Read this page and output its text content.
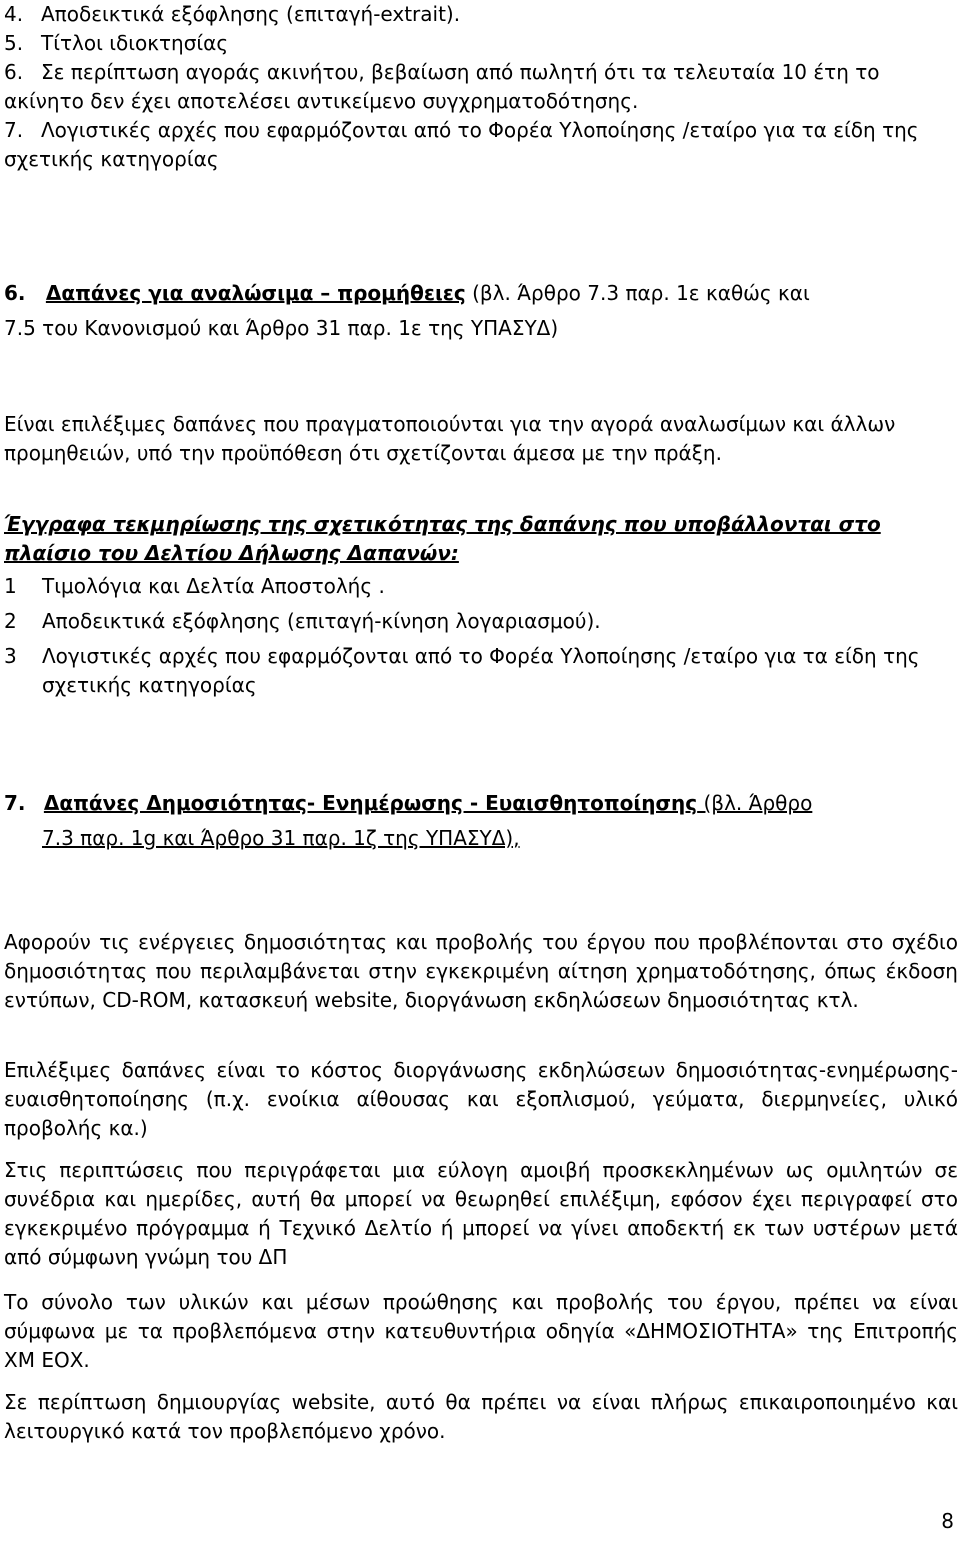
4. Αποδεικτικά εξόφλησης (επιταγή-extrait).
5. Τίτλοι ιδιοκτησίας
6. Σε περίπτωση αγοράς ακινήτου, βεβαίωση από πωλητή ότι τα τελευταία 10 έτη το ακίνητο δεν έχει αποτελέσει αντικείμενο συγχρηματοδότησης.
7. Λογιστικές αρχές που εφαρμόζονται από το Φορέα Υλοποίησης /εταίρο για τα είδη της σχετικής κατηγορίας
6. Δαπάνες για αναλώσιμα – προμήθειες (βλ. Άρθρο 7.3 παρ. 1ε καθώς και
7.5 του Κανονισμού και Άρθρο 31 παρ. 1ε της ΥΠΑΣΥΔ)
Είναι επιλέξιμες δαπάνες που πραγματοποιούνται για την αγορά αναλωσίμων και άλλων προμηθειών, υπό την προϋπόθεση ότι σχετίζονται άμεσα με την πράξη.
Έγγραφα τεκμηρίωσης της σχετικότητας της δαπάνης που υποβάλλονται στο πλαίσιο του Δελτίου Δήλωσης Δαπανών:
1 Τιμολόγια και Δελτία Αποστολής .
2 Αποδεικτικά εξόφλησης (επιταγή-κίνηση λογαριασμού).
3 Λογιστικές αρχές που εφαρμόζονται από το Φορέα Υλοποίησης /εταίρο για τα είδη της σχετικής κατηγορίας
7. Δαπάνες Δημοσιότητας- Ενημέρωσης - Ευαισθητοποίησης (βλ. Άρθρο
7.3 παρ. 1g και Άρθρο 31 παρ. 1ζ της ΥΠΑΣΥΔ),
Αφορούν τις ενέργειες δημοσιότητας και προβολής του έργου που προβλέπονται στο σχέδιο δημοσιότητας που περιλαμβάνεται στην εγκεκριμένη αίτηση χρηματοδότησης, όπως έκδοση εντύπων, CD-ROM, κατασκευή website, διοργάνωση εκδηλώσεων δημοσιότητας κτλ.
Επιλέξιμες δαπάνες είναι το κόστος διοργάνωσης εκδηλώσεων δημοσιότητας-ενημέρωσης-ευαισθητοποίησης (π.χ. ενοίκια αίθουσας και εξοπλισμού, γεύματα, διερμηνείες, υλικό προβολής κα.)
Στις περιπτώσεις που περιγράφεται μια εύλογη αμοιβή προσκεκλημένων ως ομιλητών σε συνέδρια και ημερίδες, αυτή θα μπορεί να θεωρηθεί επιλέξιμη, εφόσον έχει περιγραφεί στο εγκεκριμένο πρόγραμμα ή Τεχνικό Δελτίο ή μπορεί να γίνει αποδεκτή εκ των υστέρων μετά από σύμφωνη γνώμη του ΔΠ
Το σύνολο των υλικών και μέσων προώθησης και προβολής του έργου, πρέπει να είναι σύμφωνα με τα προβλεπόμενα στην κατευθυντήρια οδηγία «ΔΗΜΟΣΙΟΤΗΤΑ» της Επιτροπής ΧΜ ΕΟΧ.
Σε περίπτωση δημιουργίας website, αυτό θα πρέπει να είναι πλήρως επικαιροποιημένο και λειτουργικό κατά τον προβλεπόμενο χρόνο.
8
